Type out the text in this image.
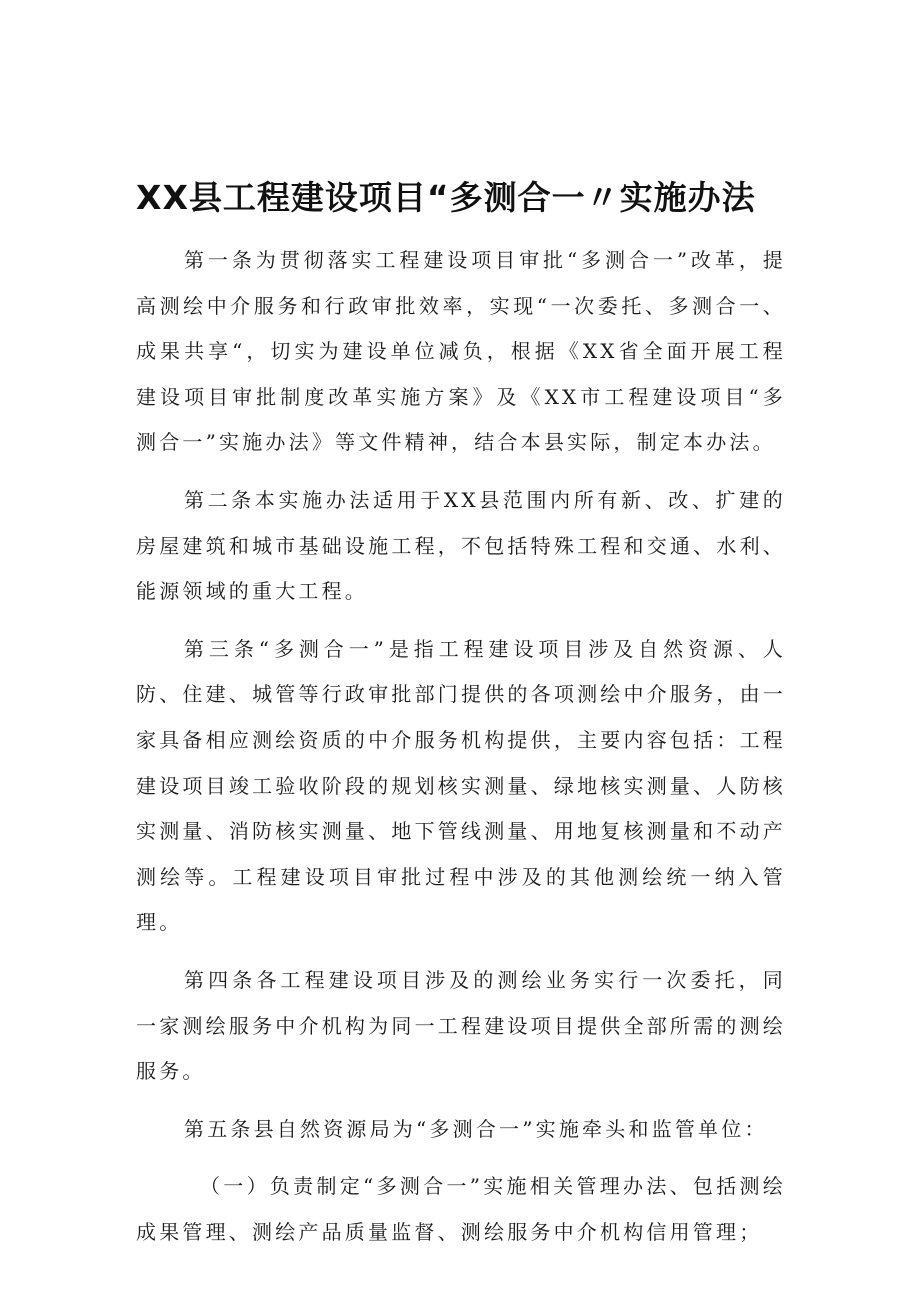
XX县工程建设项目“多测合一〃实施办法

第一条为贯彻落实工程建设项目审批“多测合一”改革，提高测绘中介服务和行政审批效率，实现“一次委托、多测合一、成果共享“，切实为建设单位减负，根据《XX省全面开展工程建设项目审批制度改革实施方案》及《XX市工程建设项目“多测合一”实施办法》等文件精神，结合本县实际，制定本办法。

第二条本实施办法适用于XX县范围内所有新、改、扩建的房屋建筑和城市基础设施工程，不包括特殊工程和交通、水利、能源领域的重大工程。

第三条“多测合一”是指工程建设项目涉及自然资源、人防、住建、城管等行政审批部门提供的各项测绘中介服务，由一家具备相应测绘资质的中介服务机构提供，主要内容包括：工程建设项目竣工验收阶段的规划核实测量、绿地核实测量、人防核实测量、消防核实测量、地下管线测量、用地复核测量和不动产测绘等。工程建设项目审批过程中涉及的其他测绘统一纳入管理。

第四条各工程建设项目涉及的测绘业务实行一次委托，同一家测绘服务中介机构为同一工程建设项目提供全部所需的测绘服务。

第五条县自然资源局为“多测合一”实施牵头和监管单位：

（一）负责制定“多测合一”实施相关管理办法、包括测绘成果管理、测绘产品质量监督、测绘服务中介机构信用管理；
